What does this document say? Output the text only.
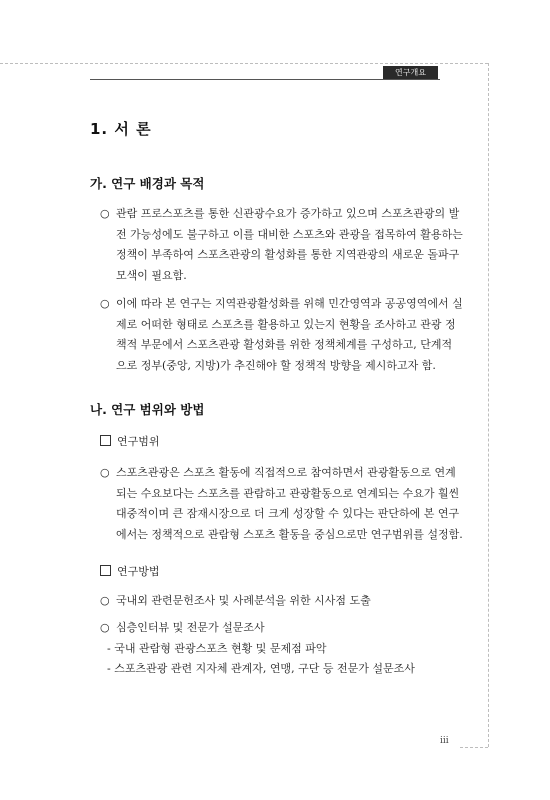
연구개요
1. 서 론
가. 연구 배경과 목적
○ 관람 프로스포츠를 통한 신관광수요가 증가하고 있으며 스포츠관광의 발
전 가능성에도 불구하고 이를 대비한 스포츠와 관광을 접목하여 활용하는
정책이 부족하여 스포츠관광의 활성화를 통한 지역관광의 새로운 돌파구
모색이 필요함.
○ 이에 따라 본 연구는 지역관광활성화를 위해 민간영역과 공공영역에서 실
제로 어떠한 형태로 스포츠를 활용하고 있는지 현황을 조사하고 관광 정
책적 부문에서 스포츠관광 활성화를 위한 정책체계를 구성하고, 단계적
으로 정부(중앙, 지방)가 추진해야 할 정책적 방향을 제시하고자 함.
나. 연구 범위와 방법
연구범위
○ 스포츠관광은 스포츠 활동에 직접적으로 참여하면서 관광활동으로 연계
되는 수요보다는 스포츠를 관람하고 관광활동으로 연계되는 수요가 훨씬
대중적이며 큰 잠재시장으로 더 크게 성장할 수 있다는 판단하에 본 연구
에서는 정책적으로 관람형 스포츠 활동을 중심으로만 연구범위를 설정함.
연구방법
○ 국내외 관련문헌조사 및 사례분석을 위한 시사점 도출
○ 심층인터뷰 및 전문가 설문조사
- 국내 관람형 관광스포츠 현황 및 문제점 파악
- 스포츠관광 관련 지자체 관계자, 연맹, 구단 등 전문가 설문조사
iii
